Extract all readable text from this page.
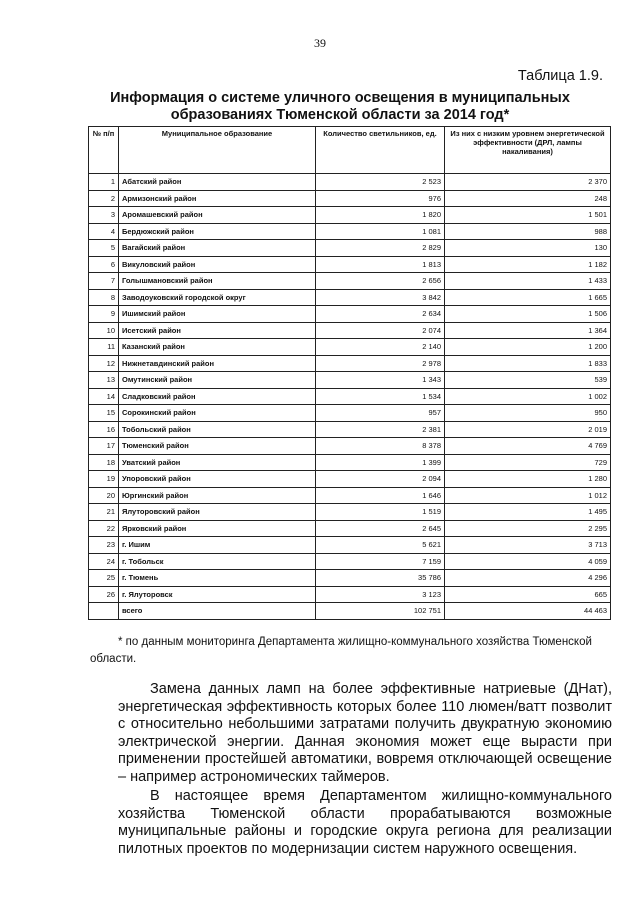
39
Таблица 1.9.
Информация о системе уличного освещения в муниципальных образованиях Тюменской области за 2014 год*
№ п/п	Муниципальное образование	Количество светильников, ед.	Из них с низким уровнем энергетической эффективности (ДРЛ, лампы накаливания)
1	Абатский район	2 523	2 370
2	Армизонский район	976	248
3	Аромашевский район	1 820	1 501
4	Бердюжский район	1 081	988
5	Вагайский район	2 829	130
6	Викуловский район	1 813	1 182
7	Голышмановский район	2 656	1 433
8	Заводоуковский городской округ	3 842	1 665
9	Ишимский район	2 634	1 506
10	Исетский район	2 074	1 364
11	Казанский район	2 140	1 200
12	Нижнетавдинский район	2 978	1 833
13	Омутинский район	1 343	539
14	Сладковский район	1 534	1 002
15	Сорокинский район	957	950
16	Тобольский район	2 381	2 019
17	Тюменский район	8 378	4 769
18	Уватский район	1 399	729
19	Упоровский район	2 094	1 280
20	Юргинский район	1 646	1 012
21	Ялуторовский район	1 519	1 495
22	Ярковский район	2 645	2 295
23	г. Ишим	5 621	3 713
24	г. Тобольск	7 159	4 059
25	г. Тюмень	35 786	4 296
26	г. Ялуторовск	3 123	665
	всего	102 751	44 463
* по данным мониторинга Департамента жилищно-коммунального хозяйства Тюменской
области.
Замена данных ламп на более эффективные натриевые (ДНат), энергетическая эффективность которых более 110 люмен/ватт позволит с относительно небольшими затратами получить двукратную экономию электрической энергии. Данная экономия может еще вырасти при применении простейшей автоматики, вовремя отключающей освещение – например астрономических таймеров.
В настоящее время Департаментом жилищно-коммунального хозяйства Тюменской области прорабатываются возможные муниципальные районы и городские округа региона для реализации пилотных проектов по модернизации систем наружного освещения.
